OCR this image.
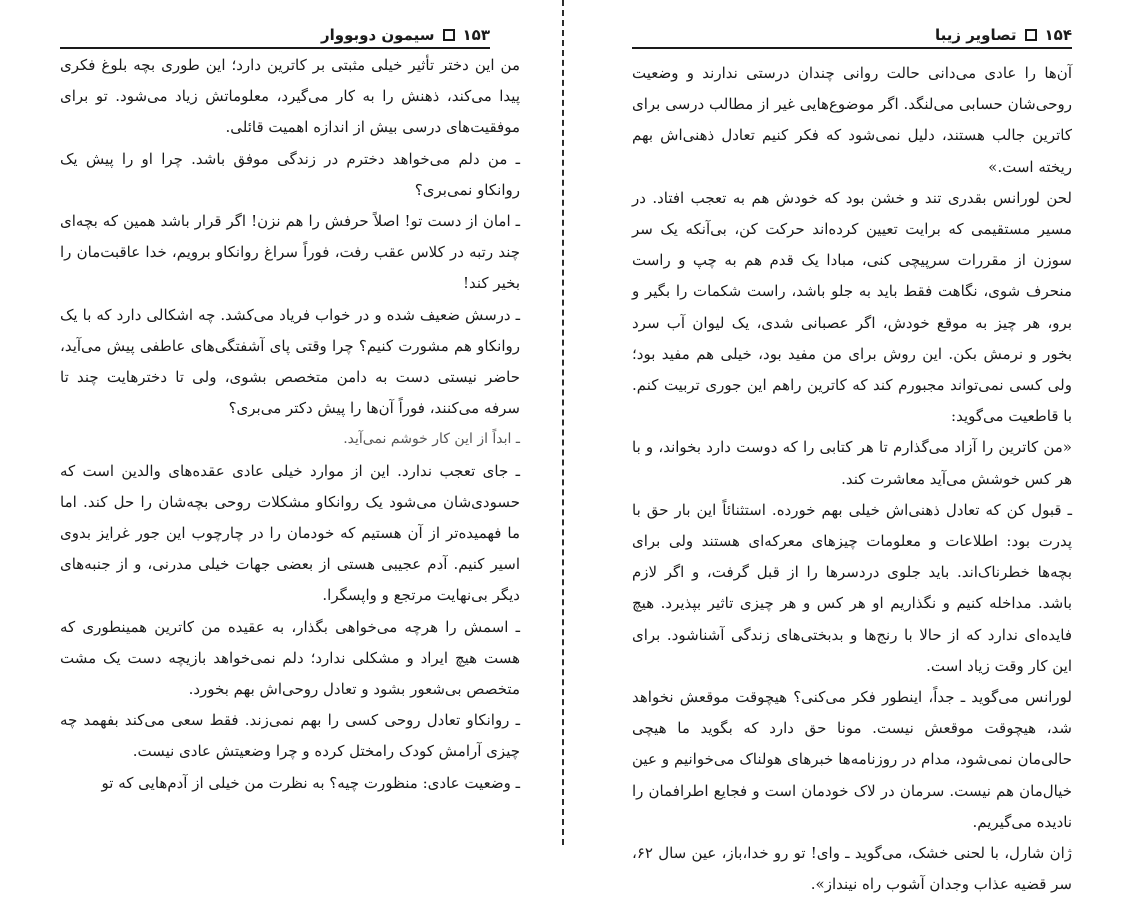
۱۵۳
سیمون دوبووار

من این دختر تأثیر خیلی مثبتی بر کاترین دارد؛ این طوری بچه بلوغ فکری پیدا می‌کند، ذهنش را به کار می‌گیرد، معلوماتش زیاد می‌شود. تو برای موفقیت‌های درسی بیش از اندازه اهمیت قائلی.

ـ من دلم می‌خواهد دخترم در زندگی موفق باشد. چرا او را پیش یک روانکاو نمی‌بری؟

ـ امان از دست تو! اصلاً حرفش را هم نزن! اگر قرار باشد همین که بچه‌ای چند رتبه در کلاس عقب رفت، فوراً سراغ روانکاو برویم، خدا عاقبت‌مان را بخیر کند!

ـ درسش ضعیف شده و در خواب فریاد می‌کشد. چه اشکالی دارد که با یک روانکاو هم مشورت کنیم؟ چرا وقتی پای آشفتگی‌های عاطفی پیش می‌آید، حاضر نیستی دست به دامن متخصص بشوی، ولی تا دخترهایت چند تا سرفه می‌کنند، فوراً آن‌ها را پیش دکتر می‌بری؟

ـ ابداً از این کار خوشم نمی‌آید.

ـ جای تعجب ندارد. این از موارد خیلی عادی عقده‌های والدین است که حسودی‌شان می‌شود یک روانکاو مشکلات روحی بچه‌شان را حل کند. اما ما فهمیده‌تر از آن هستیم که خودمان را در چارچوب این جور غرایز بدوی اسیر کنیم. آدم عجیبی هستی از بعضی جهات خیلی مدرنی، و از جنبه‌های دیگر بی‌نهایت مرتجع و واپسگرا.

ـ اسمش را هرچه می‌خواهی بگذار، به عقیده من کاترین همینطوری که هست هیچ ایراد و مشکلی ندارد؛ دلم نمی‌خواهد بازیچه دست یک مشت متخصص بی‌شعور بشود و تعادل روحی‌اش بهم بخورد.

ـ روانکاو تعادل روحی کسی را بهم نمی‌زند. فقط سعی می‌کند بفهمد چه چیزی آرامش کودک رامختل کرده و چرا وضعیتش عادی نیست.

ـ وضعیت عادی: منظورت چیه؟ به نظرت من خیلی از آدم‌هایی که تو

۱۵۴
تصاویر زیبا

آن‌ها را عادی می‌دانی حالت روانی چندان درستی ندارند و وضعیت روحی‌شان حسابی می‌لنگد. اگر موضوع‌هایی غیر از مطالب درسی برای کاترین جالب هستند، دلیل نمی‌شود که فکر کنیم تعادل ذهنی‌اش بهم ریخته است.»

لحن لورانس بقدری تند و خشن بود که خودش هم به تعجب افتاد. در مسیر مستقیمی که برایت تعیین کرده‌اند حرکت کن، بی‌آنکه یک سر سوزن از مقررات سرپیچی کنی، مبادا یک قدم هم به چپ و راست منحرف شوی، نگاهت فقط باید به جلو باشد، راست شکمات را بگیر و برو، هر چیز به موقع خودش، اگر عصبانی شدی، یک لیوان آب سرد بخور و نرمش بکن. این روش برای من مفید بود، خیلی هم مفید بود؛ ولی کسی نمی‌تواند مجبورم کند که کاترین راهم این جوری تربیت کنم. با قاطعیت می‌گوید:

«من کاترین را آزاد می‌گذارم تا هر کتابی را که دوست دارد بخواند، و با هر کس خوشش می‌آید معاشرت کند.

ـ قبول کن که تعادل ذهنی‌اش خیلی بهم خورده. استثنائاً این بار حق با پدرت بود: اطلاعات و معلومات چیزهای معرکه‌ای هستند ولی برای بچه‌ها خطرناک‌اند. باید جلوی دردسرها را از قبل گرفت، و اگر لازم باشد. مداخله کنیم و نگذاریم او هر کس و هر چیزی تاثیر بپذیرد. هیچ فایده‌ای ندارد که از حالا با رنج‌ها و بدبختی‌های زندگی آشناشود. برای این کار وقت زیاد است.

لورانس می‌گوید ـ جداً، اینطور فکر می‌کنی؟ هیچوقت موقعش نخواهد شد، هیچوقت موقعش نیست. مونا حق دارد که بگوید ما هیچی حالی‌مان نمی‌شود، مدام در روزنامه‌ها خبرهای هولناک می‌خوانیم و عین خیال‌مان هم نیست. سرمان در لاک خودمان است و فجایع اطرافمان را نادیده می‌گیریم.

ژان شارل، با لحنی خشک، می‌گوید ـ وای! تو رو خدا،باز، عین سال ۶۲، سر قضیه عذاب وجدان آشوب راه نینداز».
